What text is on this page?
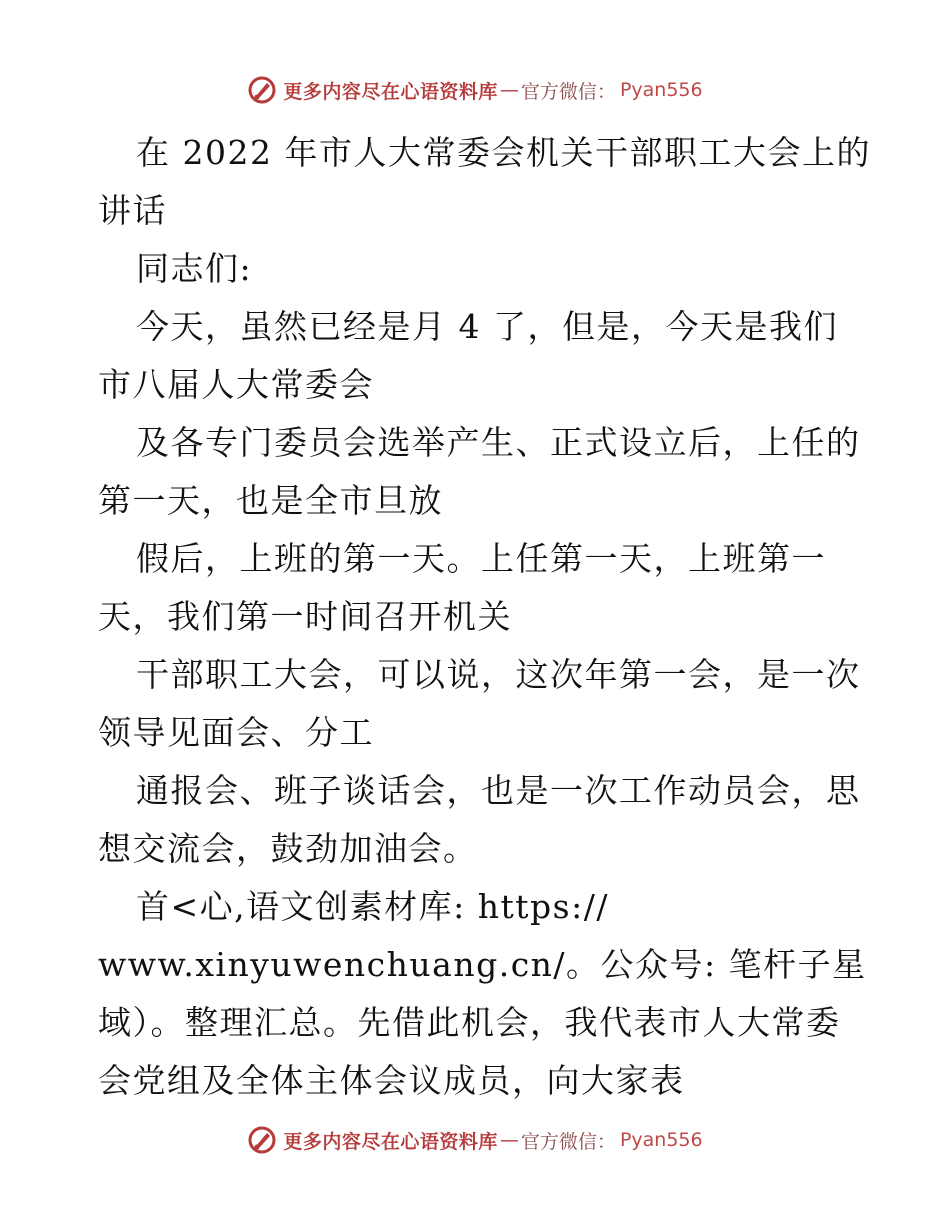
更多内容尽在心语资料库 — 官方微信： Pyan556
在 2022 年市人大常委会机关干部职工大会上的
讲话
同志们:
今天，虽然已经是月 4 了，但是，今天是我们
市八届人大常委会
及各专门委员会选举产生、正式设立后，上任的
第一天，也是全市旦放
假后，上班的第一天。上任第一天，上班第一
天，我们第一时间召开机关
干部职工大会，可以说，这次年第一会，是一次
领导见面会、分工
通报会、班子谈话会，也是一次工作动员会，思
想交流会，鼓劲加油会。
首<心,语文创素材库: https://
www.xinyuwenchuang.cn/。公众号: 笔杆子星
域）。整理汇总。先借此机会，我代表市人大常委
会党组及全体主体会议成员，向大家表
更多内容尽在心语资料库 — 官方微信： Pyan556
